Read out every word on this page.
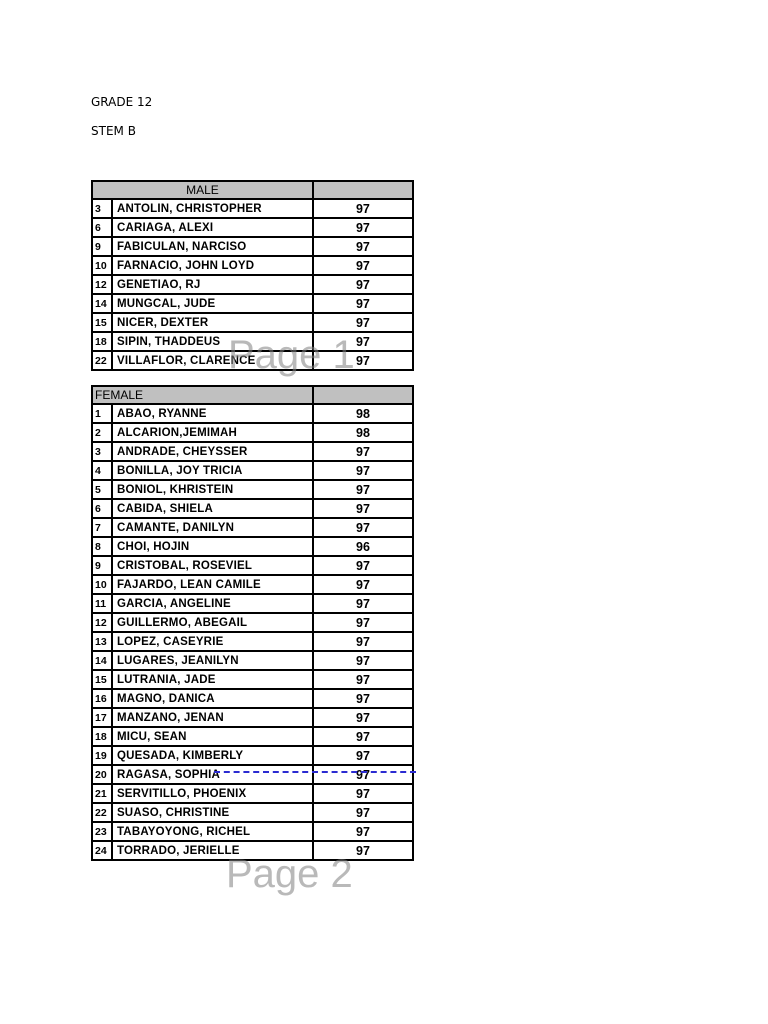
GRADE 12
STEM B
MALE		
3	ANTOLIN, CHRISTOPHER	97
6	CARIAGA, ALEXI	97
9	FABICULAN, NARCISO	97
10	FARNACIO, JOHN LOYD	97
12	GENETIAO, RJ	97
14	MUNGCAL, JUDE	97
15	NICER, DEXTER	97
18	SIPIN, THADDEUS	97
22	VILLAFLOR, CLARENCE	97
FEMALE		
1	ABAO, RYANNE	98
2	ALCARION,JEMIMAH	98
3	ANDRADE, CHEYSSER	97
4	BONILLA, JOY TRICIA	97
5	BONIOL, KHRISTEIN	97
6	CABIDA, SHIELA	97
7	CAMANTE, DANILYN	97
8	CHOI, HOJIN	96
9	CRISTOBAL, ROSEVIEL	97
10	FAJARDO, LEAN CAMILE	97
11	GARCIA, ANGELINE	97
12	GUILLERMO, ABEGAIL	97
13	LOPEZ, CASEYRIE	97
14	LUGARES, JEANILYN	97
15	LUTRANIA, JADE	97
16	MAGNO, DANICA	97
17	MANZANO, JENAN	97
18	MICU, SEAN	97
19	QUESADA, KIMBERLY	97
20	RAGASA, SOPHIA	97
21	SERVITILLO, PHOENIX	97
22	SUASO, CHRISTINE	97
23	TABAYOYONG, RICHEL	97
24	TORRADO, JERIELLE	97
Page 1
Page 2
